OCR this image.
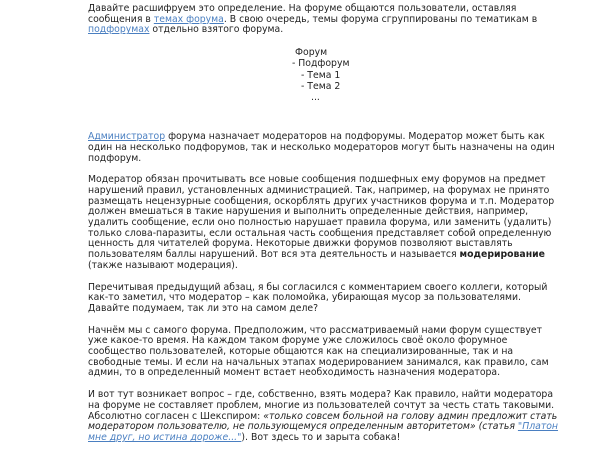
Давайте расшифруем это определение. На форуме общаются пользователи, оставляя сообщения в темах форума. В свою очередь, темы форума сгруппированы по тематикам в подфорумах отдельно взятого форума.
Форум
- Подфорум
- Тема 1
- Тема 2
...
Администратор форума назначает модераторов на подфорумы. Модератор может быть как один на несколько подфорумов, так и несколько модераторов могут быть назначены на один подфорум.
Модератор обязан прочитывать все новые сообщения подшефных ему форумов на предмет нарушений правил, установленных администрацией. Так, например, на форумах не принято размещать нецензурные сообщения, оскорблять других участников форума и т.п. Модератор должен вмешаться в такие нарушения и выполнить определенные действия, например, удалить сообщение, если оно полностью нарушает правила форума, или заменить (удалить) только слова-паразиты, если остальная часть сообщения представляет собой определенную ценность для читателей форума. Некоторые движки форумов позволяют выставлять пользователям баллы нарушений. Вот вся эта деятельность и называется модерирование (также называют модерация).
Перечитывая предыдущий абзац, я бы согласился с комментарием своего коллеги, который как-то заметил, что модератор – как поломойка, убирающая мусор за пользователями. Давайте подумаем, так ли это на самом деле?
Начнём мы с самого форума. Предположим, что рассматриваемый нами форум существует уже какое-то время. На каждом таком форуме уже сложилось своё около форумное сообщество пользователей, которые общаются как на специализированные, так и на свободные темы. И если на начальных этапах модерированием занимался, как правило, сам админ, то в определенный момент встает необходимость назначения модератора.
И вот тут возникает вопрос – где, собственно, взять модера? Как правило, найти модератора на форуме не составляет проблем, многие из пользователей сочтут за честь стать таковыми. Абсолютно согласен с Шекспиром: «только совсем больной на голову админ предложит стать модератором пользователю, не пользующемуся определенным авторитетом» (статья "Платон мне друг, но истина дороже..."). Вот здесь то и зарыта собака!
